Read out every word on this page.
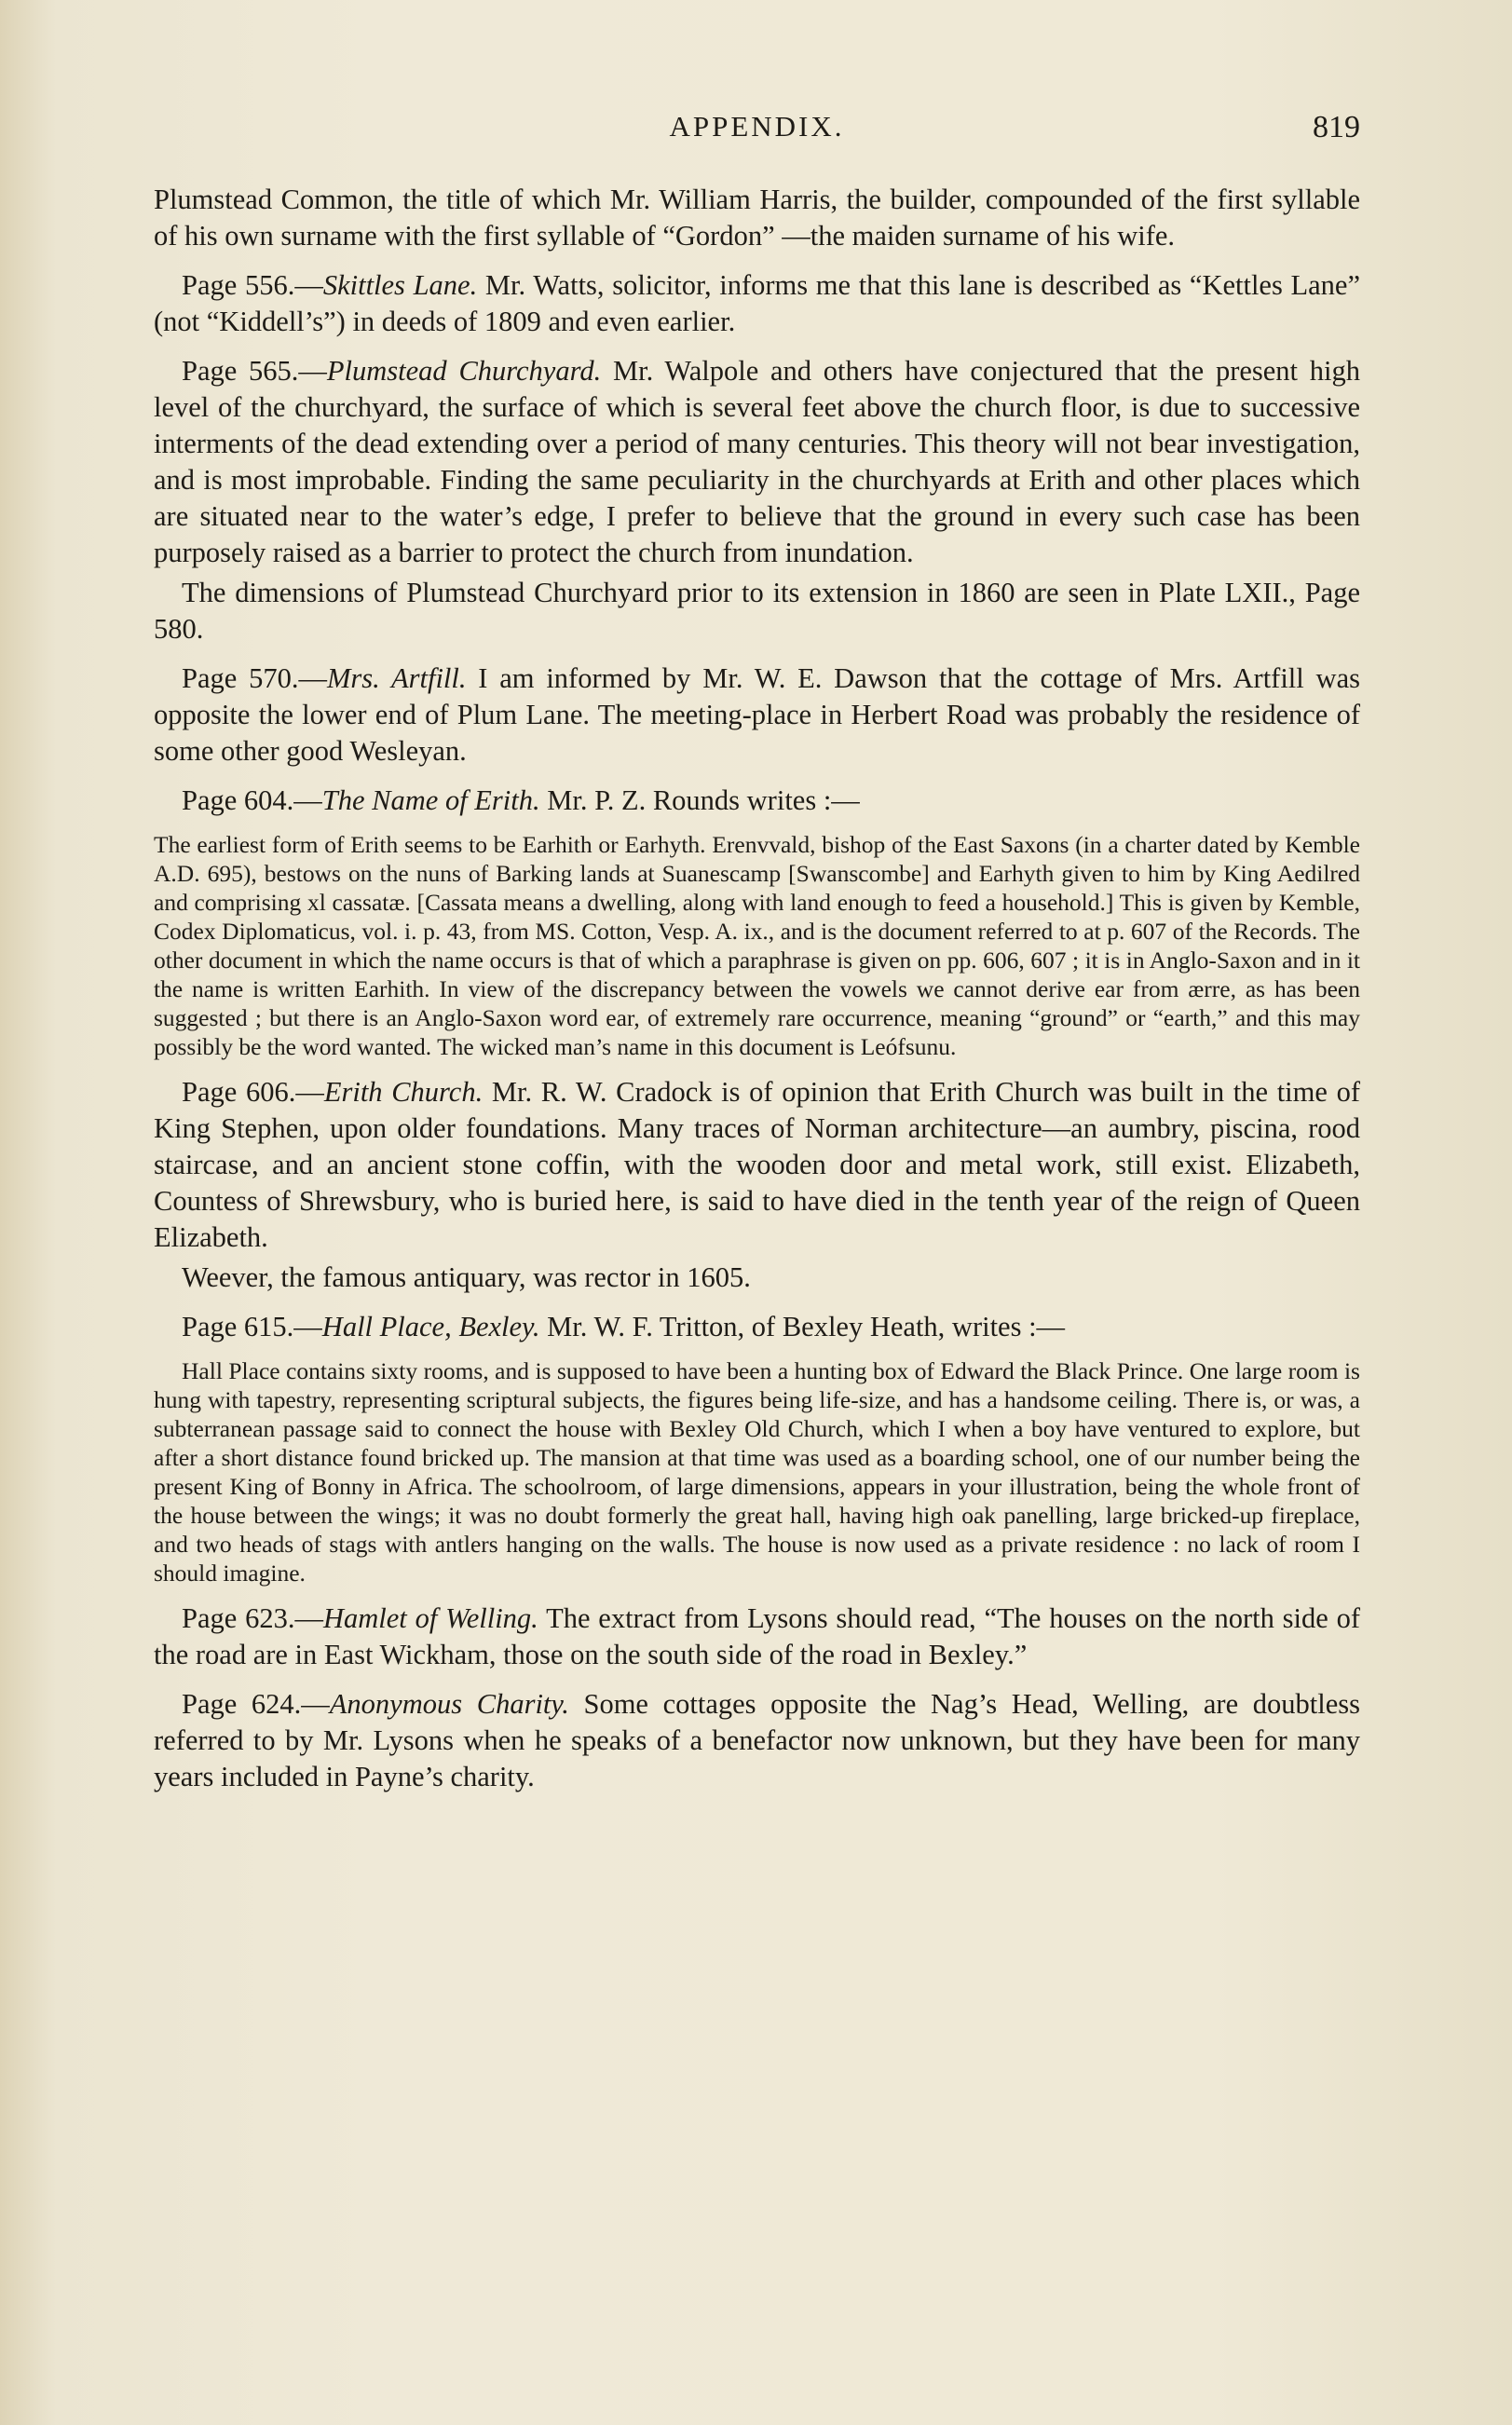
APPENDIX.	819

Plumstead Common, the title of which Mr. William Harris, the builder, compounded of the first syllable of his own surname with the first syllable of “Gordon” —the maiden surname of his wife.

Page 556.—Skittles Lane. Mr. Watts, solicitor, informs me that this lane is described as “Kettles Lane” (not “Kiddell’s”) in deeds of 1809 and even earlier.

Page 565.—Plumstead Churchyard. Mr. Walpole and others have conjectured that the present high level of the churchyard, the surface of which is several feet above the church floor, is due to successive interments of the dead extending over a period of many centuries. This theory will not bear investigation, and is most improbable. Finding the same peculiarity in the churchyards at Erith and other places which are situated near to the water’s edge, I prefer to believe that the ground in every such case has been purposely raised as a barrier to protect the church from inundation.

The dimensions of Plumstead Churchyard prior to its extension in 1860 are seen in Plate LXII., Page 580.

Page 570.—Mrs. Artfill. I am informed by Mr. W. E. Dawson that the cottage of Mrs. Artfill was opposite the lower end of Plum Lane. The meeting-place in Herbert Road was probably the residence of some other good Wesleyan.

Page 604.—The Name of Erith. Mr. P. Z. Rounds writes :—

The earliest form of Erith seems to be Earhith or Earhyth. Erenvvald, bishop of the East Saxons (in a charter dated by Kemble A.D. 695), bestows on the nuns of Barking lands at Suanescamp [Swanscombe] and Earhyth given to him by King Aedilred and comprising xl cassatæ. [Cassata means a dwelling, along with land enough to feed a household.] This is given by Kemble, Codex Diplomaticus, vol. i. p. 43, from MS. Cotton, Vesp. A. ix., and is the document referred to at p. 607 of the Records. The other document in which the name occurs is that of which a paraphrase is given on pp. 606, 607 ; it is in Anglo-Saxon and in it the name is written Earhith. In view of the discrepancy between the vowels we cannot derive ear from ærre, as has been suggested ; but there is an Anglo-Saxon word ear, of extremely rare occurrence, meaning “ground” or “earth,” and this may possibly be the word wanted. The wicked man’s name in this document is Leófsunu.

Page 606.—Erith Church. Mr. R. W. Cradock is of opinion that Erith Church was built in the time of King Stephen, upon older foundations. Many traces of Norman architecture—an aumbry, piscina, rood staircase, and an ancient stone coffin, with the wooden door and metal work, still exist. Elizabeth, Countess of Shrewsbury, who is buried here, is said to have died in the tenth year of the reign of Queen Elizabeth.

Weever, the famous antiquary, was rector in 1605.

Page 615.—Hall Place, Bexley. Mr. W. F. Tritton, of Bexley Heath, writes :—

Hall Place contains sixty rooms, and is supposed to have been a hunting box of Edward the Black Prince. One large room is hung with tapestry, representing scriptural subjects, the figures being life-size, and has a handsome ceiling. There is, or was, a subterranean passage said to connect the house with Bexley Old Church, which I when a boy have ventured to explore, but after a short distance found bricked up. The mansion at that time was used as a boarding school, one of our number being the present King of Bonny in Africa. The schoolroom, of large dimensions, appears in your illustration, being the whole front of the house between the wings; it was no doubt formerly the great hall, having high oak panelling, large bricked-up fireplace, and two heads of stags with antlers hanging on the walls. The house is now used as a private residence : no lack of room I should imagine.

Page 623.—Hamlet of Welling. The extract from Lysons should read, “The houses on the north side of the road are in East Wickham, those on the south side of the road in Bexley.”

Page 624.—Anonymous Charity. Some cottages opposite the Nag’s Head, Welling, are doubtless referred to by Mr. Lysons when he speaks of a benefactor now unknown, but they have been for many years included in Payne’s charity.
